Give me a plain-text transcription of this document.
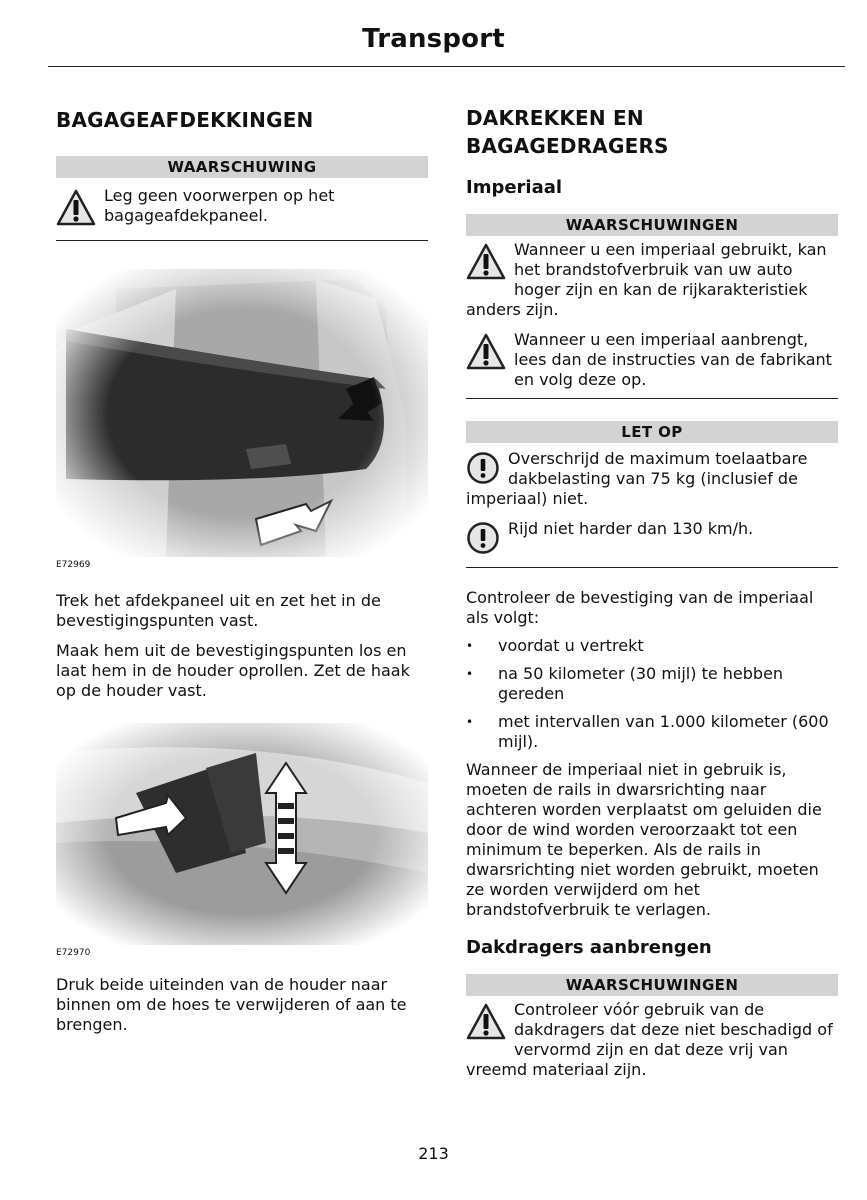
Transport
BAGAGEAFDEKKINGEN
WAARSCHUWING
Leg geen voorwerpen op het bagageafdekpaneel.
E72969

Trek het afdekpaneel uit en zet het in de bevestigingspunten vast.

Maak hem uit de bevestigingspunten los en laat hem in de houder oprollen. Zet de haak op de houder vast.

E72970

Druk beide uiteinden van de houder naar binnen om de hoes te verwijderen of aan te brengen.

DAKREKKEN EN BAGAGEDRAGERS
Imperiaal
WAARSCHUWINGEN
Wanneer u een imperiaal gebruikt, kan het brandstofverbruik van uw auto hoger zijn en kan de rijkarakteristiek anders zijn.
Wanneer u een imperiaal aanbrengt, lees dan de instructies van de fabrikant en volg deze op.
LET OP
Overschrijd de maximum toelaatbare dakbelasting van 75 kg (inclusief de imperiaal) niet.
Rijd niet harder dan 130 km/h.

Controleer de bevestiging van de imperiaal als volgt:

• voordat u vertrekt
• na 50 kilometer (30 mijl) te hebben gereden
• met intervallen van 1.000 kilometer (600 mijl).

Wanneer de imperiaal niet in gebruik is, moeten de rails in dwarsrichting naar achteren worden verplaatst om geluiden die door de wind worden veroorzaakt tot een minimum te beperken. Als de rails in dwarsrichting niet worden gebruikt, moeten ze worden verwijderd om het brandstofverbruik te verlagen.

Dakdragers aanbrengen
WAARSCHUWINGEN
Controleer vóór gebruik van de dakdragers dat deze niet beschadigd of vervormd zijn en dat deze vrij van vreemd materiaal zijn.
213
